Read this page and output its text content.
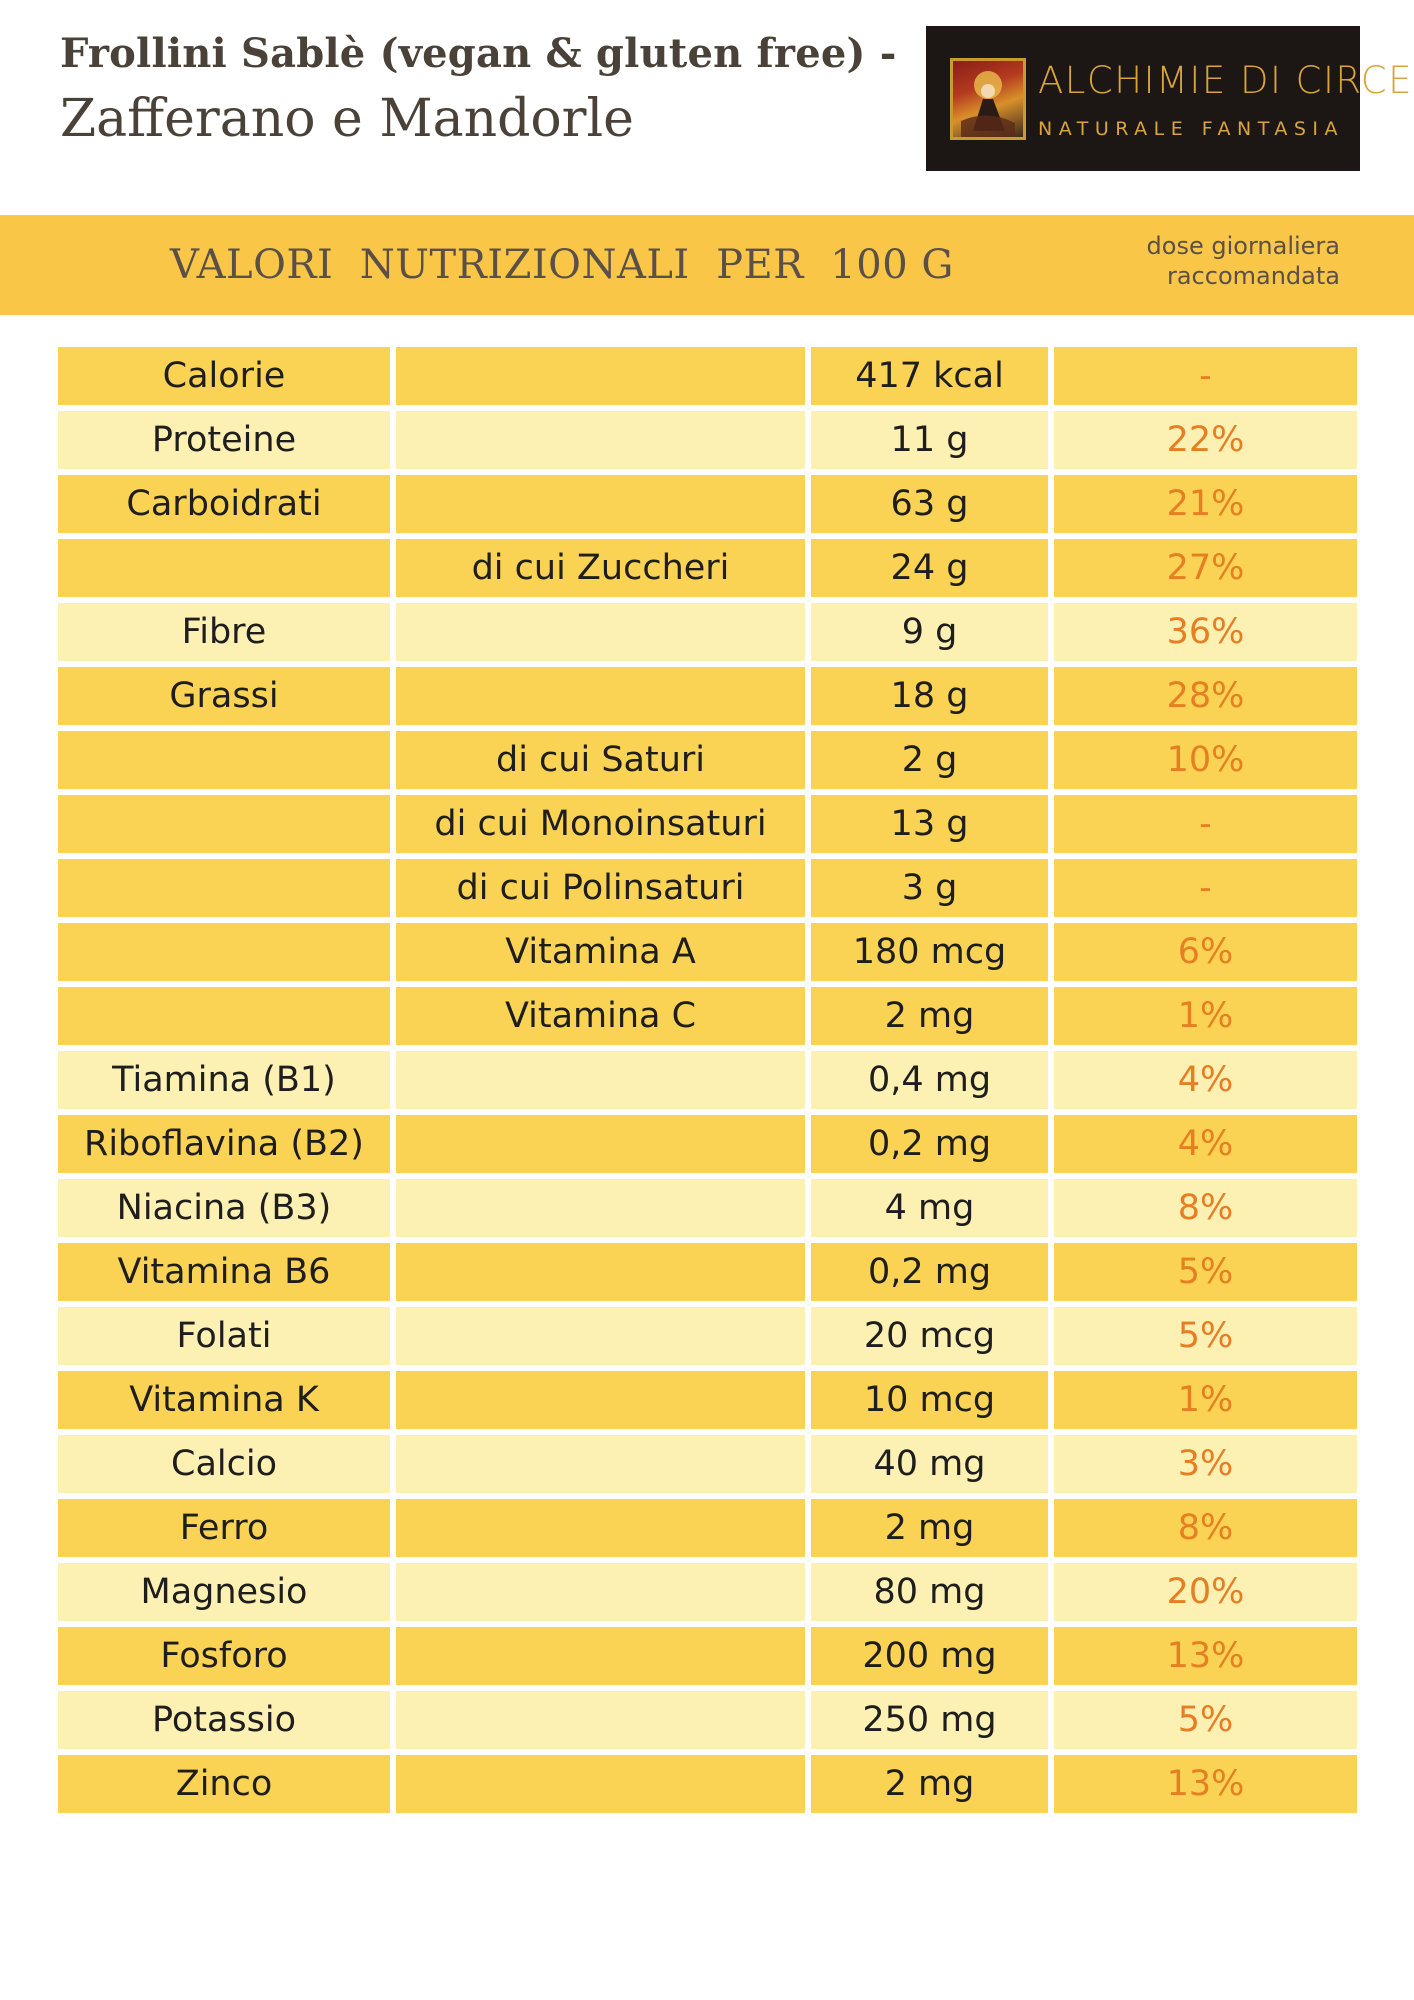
Frollini Sablè (vegan & gluten free) -
Zafferano e Mandorle
ALCHIMIE DI CIRCE
NATURALE FANTASIA
VALORI  NUTRIZIONALI  PER  100 G	dose giornaliera
raccomandata
Calorie	417 kcal	-
Proteine	11 g	22%
Carboidrati	63 g	21%
di cui Zuccheri	24 g	27%
Fibre	9 g	36%
Grassi	18 g	28%
di cui Saturi	2 g	10%
di cui Monoinsaturi	13 g	-
di cui Polinsaturi	3 g	-
Vitamina A	180 mcg	6%
Vitamina C	2 mg	1%
Tiamina (B1)	0,4 mg	4%
Riboflavina (B2)	0,2 mg	4%
Niacina (B3)	4 mg	8%
Vitamina B6	0,2 mg	5%
Folati	20 mcg	5%
Vitamina K	10 mcg	1%
Calcio	40 mg	3%
Ferro	2 mg	8%
Magnesio	80 mg	20%
Fosforo	200 mg	13%
Potassio	250 mg	5%
Zinco	2 mg	13%
